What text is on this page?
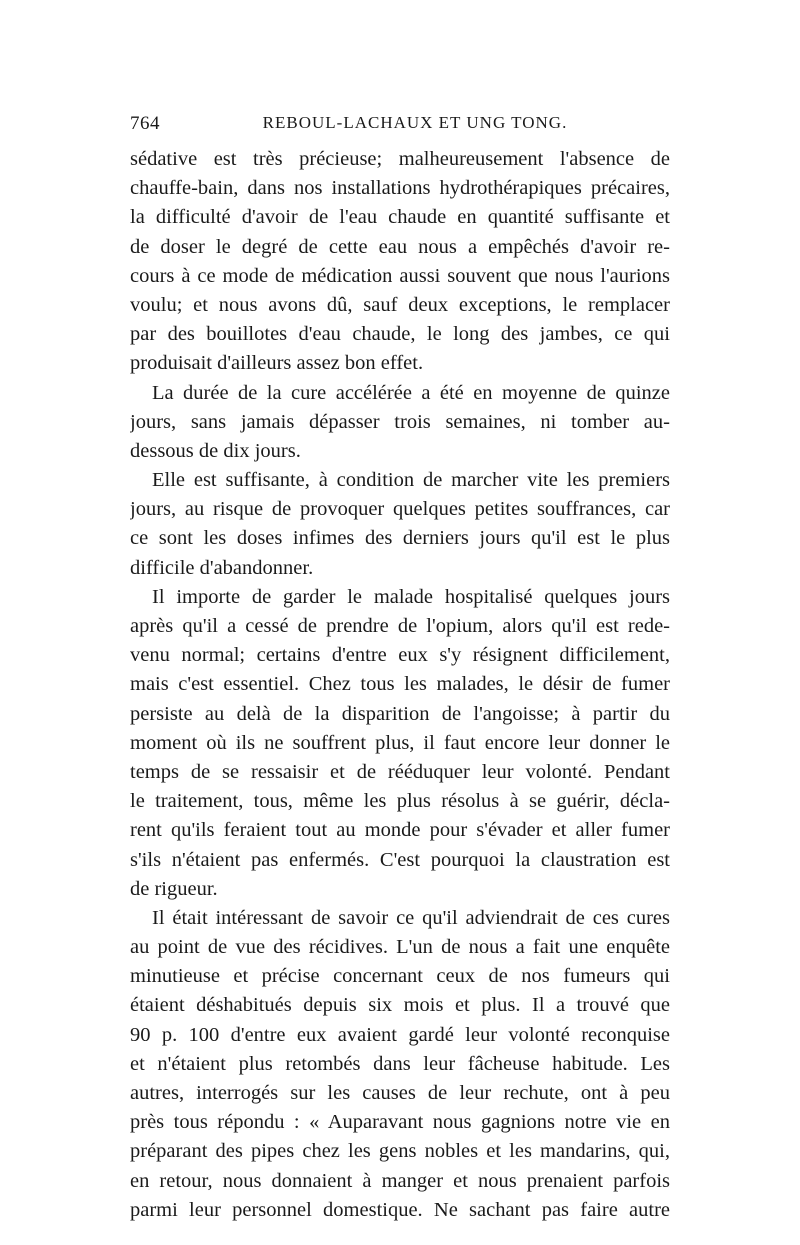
764	REBOUL-LACHAUX ET UNG TONG.
sédative est très précieuse; malheureusement l'absence de
chauffe-bain, dans nos installations hydrothérapiques précaires,
la difficulté d'avoir de l'eau chaude en quantité suffisante et
de doser le degré de cette eau nous a empêchés d'avoir re-
cours à ce mode de médication aussi souvent que nous l'aurions
voulu; et nous avons dû, sauf deux exceptions, le remplacer
par des bouillotes d'eau chaude, le long des jambes, ce qui
produisait d'ailleurs assez bon effet.
La durée de la cure accélérée a été en moyenne de quinze
jours, sans jamais dépasser trois semaines, ni tomber au-
dessous de dix jours.
Elle est suffisante, à condition de marcher vite les premiers
jours, au risque de provoquer quelques petites souffrances, car
ce sont les doses infimes des derniers jours qu'il est le plus
difficile d'abandonner.
Il importe de garder le malade hospitalisé quelques jours
après qu'il a cessé de prendre de l'opium, alors qu'il est rede-
venu normal; certains d'entre eux s'y résignent difficilement,
mais c'est essentiel. Chez tous les malades, le désir de fumer
persiste au delà de la disparition de l'angoisse; à partir du
moment où ils ne souffrent plus, il faut encore leur donner le
temps de se ressaisir et de rééduquer leur volonté. Pendant
le traitement, tous, même les plus résolus à se guérir, décla-
rent qu'ils feraient tout au monde pour s'évader et aller fumer
s'ils n'étaient pas enfermés. C'est pourquoi la claustration est
de rigueur.
Il était intéressant de savoir ce qu'il adviendrait de ces cures
au point de vue des récidives. L'un de nous a fait une enquête
minutieuse et précise concernant ceux de nos fumeurs qui
étaient déshabitués depuis six mois et plus. Il a trouvé que
90 p. 100 d'entre eux avaient gardé leur volonté reconquise
et n'étaient plus retombés dans leur fâcheuse habitude. Les
autres, interrogés sur les causes de leur rechute, ont à peu
près tous répondu : « Auparavant nous gagnions notre vie en
préparant des pipes chez les gens nobles et les mandarins, qui,
en retour, nous donnaient à manger et nous prenaient parfois
parmi leur personnel domestique. Ne sachant pas faire autre
